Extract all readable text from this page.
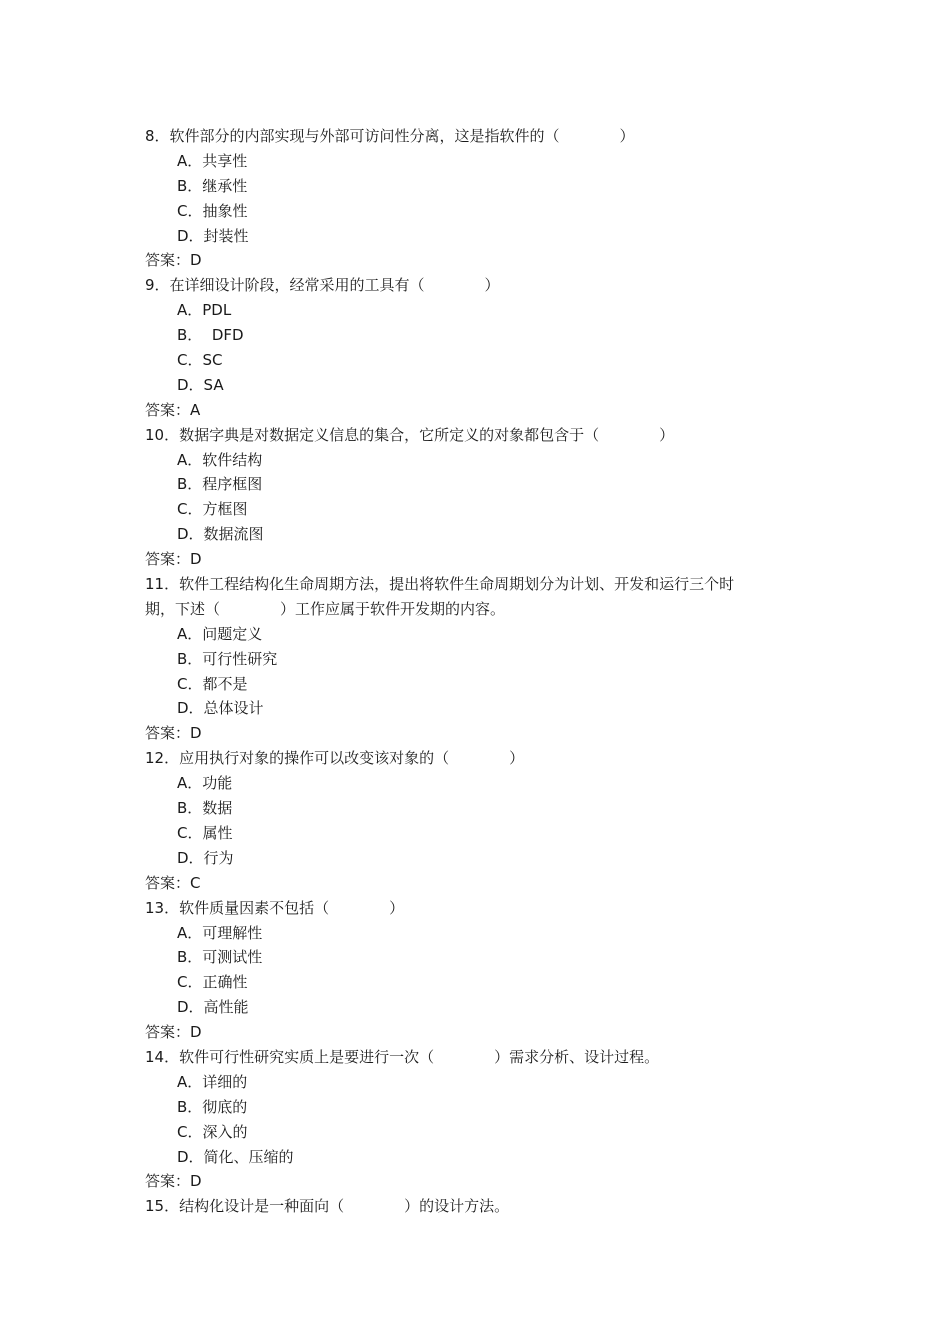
8．软件部分的内部实现与外部可访问性分离，这是指软件的（　　　　）
A．共享性
B．继承性
C．抽象性
D．封装性
答案：D
9．在详细设计阶段，经常采用的工具有（　　　　）
A．PDL
B．  DFD
C．SC
D．SA
答案：A
10．数据字典是对数据定义信息的集合，它所定义的对象都包含于（　　　　）
A．软件结构
B．程序框图
C．方框图
D．数据流图
答案：D
11．软件工程结构化生命周期方法，提出将软件生命周期划分为计划、开发和运行三个时
期，下述（　　　　）工作应属于软件开发期的内容。
A．问题定义
B．可行性研究
C．都不是
D．总体设计
答案：D
12．应用执行对象的操作可以改变该对象的（　　　　）
A．功能
B．数据
C．属性
D．行为
答案：C
13．软件质量因素不包括（　　　　）
A．可理解性
B．可测试性
C．正确性
D．高性能
答案：D
14．软件可行性研究实质上是要进行一次（　　　　）需求分析、设计过程。
A．详细的
B．彻底的
C．深入的
D．简化、压缩的
答案：D
15．结构化设计是一种面向（　　　　）的设计方法。
